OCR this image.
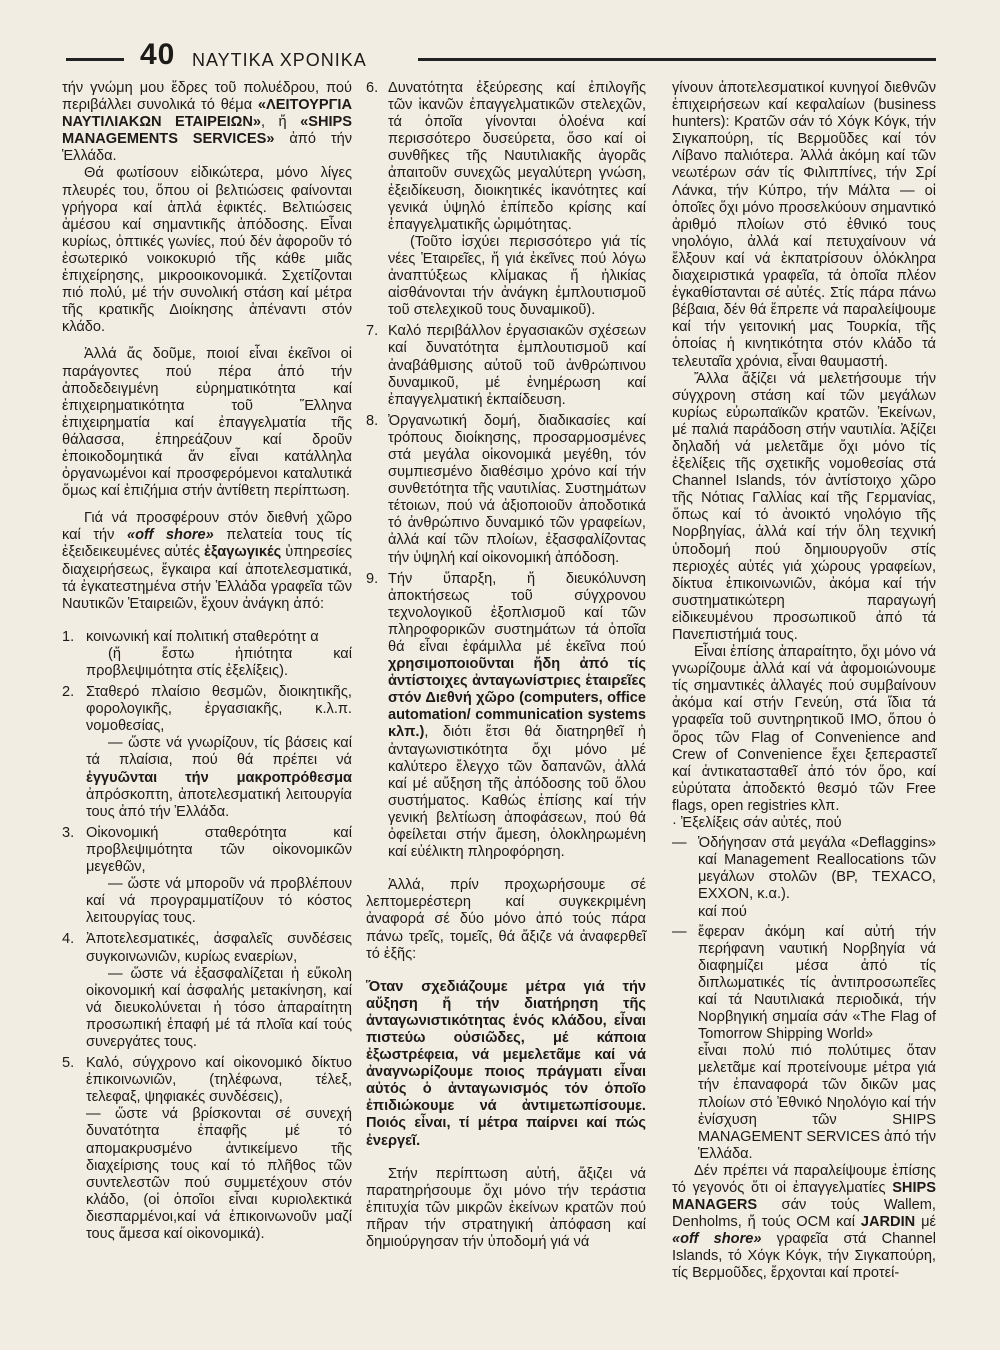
40 ΝΑΥΤΙΚΑ ΧΡΟΝΙΚΑ

τήν γνώμη μου ἕδρες τοῦ πολυέδρου, πού περιβάλλει συνολικά τό θέμα «ΛΕΙΤΟΥΡΓΙΑ ΝΑΥΤΙΛΙΑΚΩΝ ΕΤΑΙΡΕΙΩΝ», ἤ «SHIPS MANAGEMENTS SERVICES» ἀπό τήν Ἑλλάδα.

Θά φωτίσουν εἰδικώτερα, μόνο λίγες πλευρές του, ὅπου οἱ βελτιώσεις φαίνονται γρήγορα καί ἁπλά ἐφικτές. Βελτιώσεις ἀμέσου καί σημαντικῆς ἀπόδοσης. Εἶναι κυρίως, ὀπτικές γωνίες, πού δέν ἀφοροῦν τό ἐσωτερικό νοικοκυριό τῆς κάθε μιᾶς ἐπιχείρησης, μικροοικονομικά. Σχετίζονται πιό πολύ, μέ τήν συνολική στάση καί μέτρα τῆς κρατικῆς Διοίκησης ἀπέναντι στόν κλάδο.

Ἀλλά ἄς δοῦμε, ποιοί εἶναι ἐκεῖνοι οἱ παράγοντες πού πέρα ἀπό τήν ἀποδεδειγμένη εὐρηματικότητα καί ἐπιχειρηματικότητα τοῦ Ἕλληνα ἐπιχειρηματία καί ἐπαγγελματία τῆς θάλασσα, ἐπηρεάζουν καί δροῦν ἐποικοδομητικά ἄν εἶναι κατάλληλα ὀργανωμένοι καί προσφερόμενοι καταλυτικά ὅμως καί ἐπιζήμια στήν ἀντίθετη περίπτωση.

Γιά νά προσφέρουν στόν διεθνή χῶρο καί τήν «off shore» πελατεία τους τίς ἐξειδεικευμένες αὐτές ἐξαγωγικές ὑπηρεσίες διαχειρήσεως, ἔγκαιρα καί ἀποτελεσματικά, τά ἐγκατεστημένα στήν Ἑλλάδα γραφεῖα τῶν Ναυτικῶν Ἑταιρειῶν, ἔχουν ἀνάγκη ἀπό:

1. κοινωνική καί πολιτική σταθερότητ α

(ἤ ἔστω ἠπιότητα καί προβλεψιμότητα στίς ἐξελίξεις).

2. Σταθερό πλαίσιο θεσμῶν, διοικητικῆς, φορολογικῆς, ἐργασιακῆς, κ.λ.π. νομοθεσίας,

— ὥστε νά γνωρίζουν, τίς βάσεις καί τά πλαίσια, πού θά πρέπει νά ἐγγυῶνται τήν μακροπρόθεσμα ἀπρόσκοπτη, ἀποτελεσματική λειτουργία τους ἀπό τήν Ἑλλάδα.

3. Οἰκονομική σταθερότητα καί προβλεψιμότητα τῶν οἰκονομικῶν μεγεθῶν,

— ὥστε νά μποροῦν νά προβλέπουν καί νά προγραμματίζουν τό κόστος λειτουργίας τους.

4. Ἀποτελεσματικές, ἀσφαλεῖς συνδέσεις συγκοινωνιῶν, κυρίως εναερίων,

— ὥστε νά ἐξασφαλίζεται ἡ εὔκολη οἰκονομική καί ἀσφαλής μετακίνηση, καί νά διευκολύνεται ἡ τόσο ἀπαραίτητη προσωπική ἐπαφή μέ τά πλοῖα καί τούς συνεργάτες τους.

5. Καλό, σύγχρονο καί οἰκονομικό δίκτυο ἐπικοινωνιῶν, (τηλέφωνα, τέλεξ, τελεφαξ, ψηφιακές συνδέσεις),

— ὥστε νά βρίσκονται σέ συνεχή δυνατότητα ἐπαφῆς μέ τό απομακρυσμένο ἀντικείμενο τῆς διαχείρισης τους καί τό πλῆθος τῶν συντελεστῶν πού συμμετέχουν στόν κλάδο, (οἱ ὁποῖοι εἶναι κυριολεκτικά διεσπαρμένοι,καί νά ἐπικοινωνοῦν μαζί τους ἄμεσα καί οἰκονομικά).

6. Δυνατότητα ἐξεύρεσης καί ἐπιλογῆς τῶν ἱκανῶν ἐπαγγελματικῶν στελεχῶν, τά ὁποῖα γίνονται ὁλοένα καί περισσότερο δυσεύρετα, ὅσο καί οἱ συνθῆκες τῆς Ναυτιλιακῆς ἀγορᾶς ἀπαιτοῦν συνεχῶς μεγαλύτερη γνώση, ἐξειδίκευση, διοικητικές ἱκανότητες καί γενικά ὑψηλό ἐπίπεδο κρίσης καί ἐπαγγελματικῆς ὡριμότητας.

(Τοῦτο ἰσχύει περισσότερο γιά τίς νέες Ἑταιρεῖες, ἤ γιά ἐκεῖνες πού λόγω ἀναπτύξεως κλίμακας ἤ ἡλικίας αἰσθάνονται τήν ἀνάγκη ἐμπλουτισμοῦ τοῦ στελεχικοῦ τους δυναμικοῦ).

7. Καλό περιβάλλον ἐργασιακῶν σχέσεων καί δυνατότητα ἐμπλουτισμοῦ καί ἀναβάθμισης αὐτοῦ τοῦ ἀνθρώπινου δυναμικοῦ, μέ ἐνημέρωση καί ἐπαγγελματική ἐκπαίδευση.

8. Ὀργανωτική δομή, διαδικασίες καί τρόπους διοίκησης, προσαρμοσμένες στά μεγάλα οἰκονομικά μεγέθη, τόν συμπιεσμένο διαθέσιμο χρόνο καί τήν συνθετότητα τῆς ναυτιλίας. Συστημάτων τέτοιων, πού νά ἀξιοποιοῦν ἀποδοτικά τό ἀνθρώπινο δυναμικό τῶν γραφείων, ἀλλά καί τῶν πλοίων, ἐξασφαλίζοντας τήν ὑψηλή καί οἰκονομική ἀπόδοση.

9. Τήν ὕπαρξη, ἤ διευκόλυνση ἀποκτήσεως τοῦ σύγχρονου τεχνολογικοῦ ἐξοπλισμοῦ καί τῶν πληροφορικῶν συστημάτων τά ὁποῖα θά εἶναι ἐφάμιλλα μέ ἐκεῖνα πού χρησιμοποιοῦνται ἤδη ἀπό τίς ἀντίστοιχες ἀνταγωνίστριες ἑταιρεῖες στόν Διεθνή χῶρο (computers, office automation/ communication systems κλπ.), διότι ἔτσι θά διατηρηθεῖ ἡ ἀνταγωνιστικότητα ὄχι μόνο μέ καλύτερο ἔλεγχο τῶν δαπανῶν, ἀλλά καί μέ αὔξηση τῆς ἀπόδοσης τοῦ ὅλου συστήματος. Καθώς ἐπίσης καί τήν γενική βελτίωση ἀποφάσεων, πού θά ὀφείλεται στήν ἄμεση, ὁλοκληρωμένη καί εὐέλικτη πληροφόρηση.

Ἀλλά, πρίν προχωρήσουμε σέ λεπτομερέστερη καί συγκεκριμένη ἀναφορά σέ δύο μόνο ἀπό τούς πάρα πάνω τρεῖς, τομεῖς, θά ἄξιζε νά ἀναφερθεῖ τό ἑξῆς:

Ὅταν σχεδιάζουμε μέτρα γιά τήν αὔξηση ἤ τήν διατήρηση τῆς ἀνταγωνιστικότητας ἑνός κλάδου, εἶναι πιστεύω οὐσιῶδες, μέ κάποια ἐξωστρέφεια, νά μεμελετᾶμε καί νά ἀναγνωρίζουμε ποιος πράγματι εἶναι αὐτός ὁ ἀνταγωνισμός τόν ὁποῖο ἐπιδιώκουμε νά ἀντιμετωπίσουμε. Ποιός εἶναι, τί μέτρα παίρνει καί πώς ἐνεργεῖ.

Στήν περίπτωση αὐτή, ἄξιζει νά παρατηρήσουμε ὄχι μόνο τήν τεράστια ἐπιτυχία τῶν μικρῶν ἐκείνων κρατῶν πού πῆραν τήν στρατηγική ἀπόφαση καί δημιούργησαν τήν ὑποδομή γιά νά

γίνουν ἀποτελεσματικοί κυνηγοί διεθνῶν ἐπιχειρήσεων καί κεφαλαίων (business hunters): Κρατῶν σάν τό Χόγκ Κόγκ, τήν Σιγκαπούρη, τίς Βερμοῦδες καί τόν Λίβανο παλιότερα. Ἀλλά ἀκόμη καί τῶν νεωτέρων σάν τίς Φιλιππίνες, τήν Σρί Λάνκα, τήν Κύπρο, τήν Μάλτα — οἱ ὁποῖες ὅχι μόνο προσελκύουν σημαντικό ἀριθμό πλοίων στό ἐθνικό τους νηολόγιο, ἀλλά καί πετυχαίνουν νά ἕλξουν καί νά ἐκπατρίσουν ὁλόκληρα διαχειριστικά γραφεῖα, τά ὁποῖα πλέον ἐγκαθίστανται σέ αὐτές. Στίς πάρα πάνω βέβαια, δέν θά ἔπρεπε νά παραλείψουμε καί τήν γειτονική μας Τουρκία, τῆς ὁποίας ἡ κινητικότητα στόν κλάδο τά τελευταῖα χρόνια, εἶναι θαυμαστή.

Ἄλλα ἄξίζει νά μελετήσουμε τήν σύγχρονη στάση καί τῶν μεγάλων κυρίως εὐρωπαϊκῶν κρατῶν. Ἐκείνων, μέ παλιά παράδοση στήν ναυτιλία. Ἀξίζει δηλαδή νά μελετᾶμε ὄχι μόνο τίς ἐξελίξεις τῆς σχετικῆς νομοθεσίας στά Channel Islands, τόν ἀντίστοιχο χῶρο τῆς Νότιας Γαλλίας καί τῆς Γερμανίας, ὅπως καί τό ἀνοικτό νηολόγιο τῆς Νορβηγίας, ἀλλά καί τήν ὅλη τεχνική ὑποδομή πού δημιουργοῦν στίς περιοχές αὐτές γιά χώρους γραφείων, δίκτυα ἐπικοινωνιῶν, ἀκόμα καί τήν συστηματικώτερη παραγωγή εἰδικευμένου προσωπικοῦ ἀπό τά Πανεπιστήμιά τους.

Εἶναι ἐπίσης ἀπαραίτητο, ὄχι μόνο νά γνωρίζουμε ἀλλά καί νά ἀφομοιώνουμε τίς σημαντικές ἀλλαγές πού συμβαίνουν ἀκόμα καί στήν Γενεύη, στά ἴδια τά γραφεῖα τοῦ συντηρητικοῦ ΙΜΟ, ὅπου ὁ ὅρος τῶν Flag of Convenience and Crew of Convenience ἔχει ξεπεραστεῖ καί ἀντικατασταθεῖ ἀπό τόν ὅρο, καί εὐρύτατα ἀποδεκτό θεσμό τῶν Free flags, open registries κλπ.

· Ἐξελίξεις σάν αὐτές, πού

— Ὁδήγησαν στά μεγάλα «Deflaggins» καί Management Reallocations τῶν μεγάλων στολῶν (BP, TEXACO, EXXON, κ.α.).

καί πού

— ἔφεραν ἀκόμη καί αὐτή τήν περήφανη ναυτική Νορβηγία νά διαφημίζει μέσα ἀπό τίς διπλωματικές τίς ἀντιπροσωπεῖες καί τά Ναυτιλιακά περιοδικά, τήν Νορβηγική σημαία σάν «The Flag of Tomorrow Shipping World»

εἶναι πολύ πιό πολύτιμες ὅταν μελετᾶμε καί προτείνουμε μέτρα γιά τήν ἐπαναφορά τῶν δικῶν μας πλοίων στό Ἐθνικό Νηολόγιο καί τήν ἐνίσχυση τῶν SHIPS MANAGEMENT SERVICES ἀπό τήν Ἑλλάδα.

Δέν πρέπει νά παραλείψουμε ἐπίσης τό γεγονός ὅτι οἱ ἐπαγγελματίες SHIPS MANAGERS σάν τούς Wallem, Denholms, ἤ τούς OCM καί JARDIN μέ «off shore» γραφεῖα στά Channel Islands, τό Χόγκ Κόγκ, τήν Σιγκαπούρη, τίς Βερμοῦδες, ἔρχονται καί προτεί-
